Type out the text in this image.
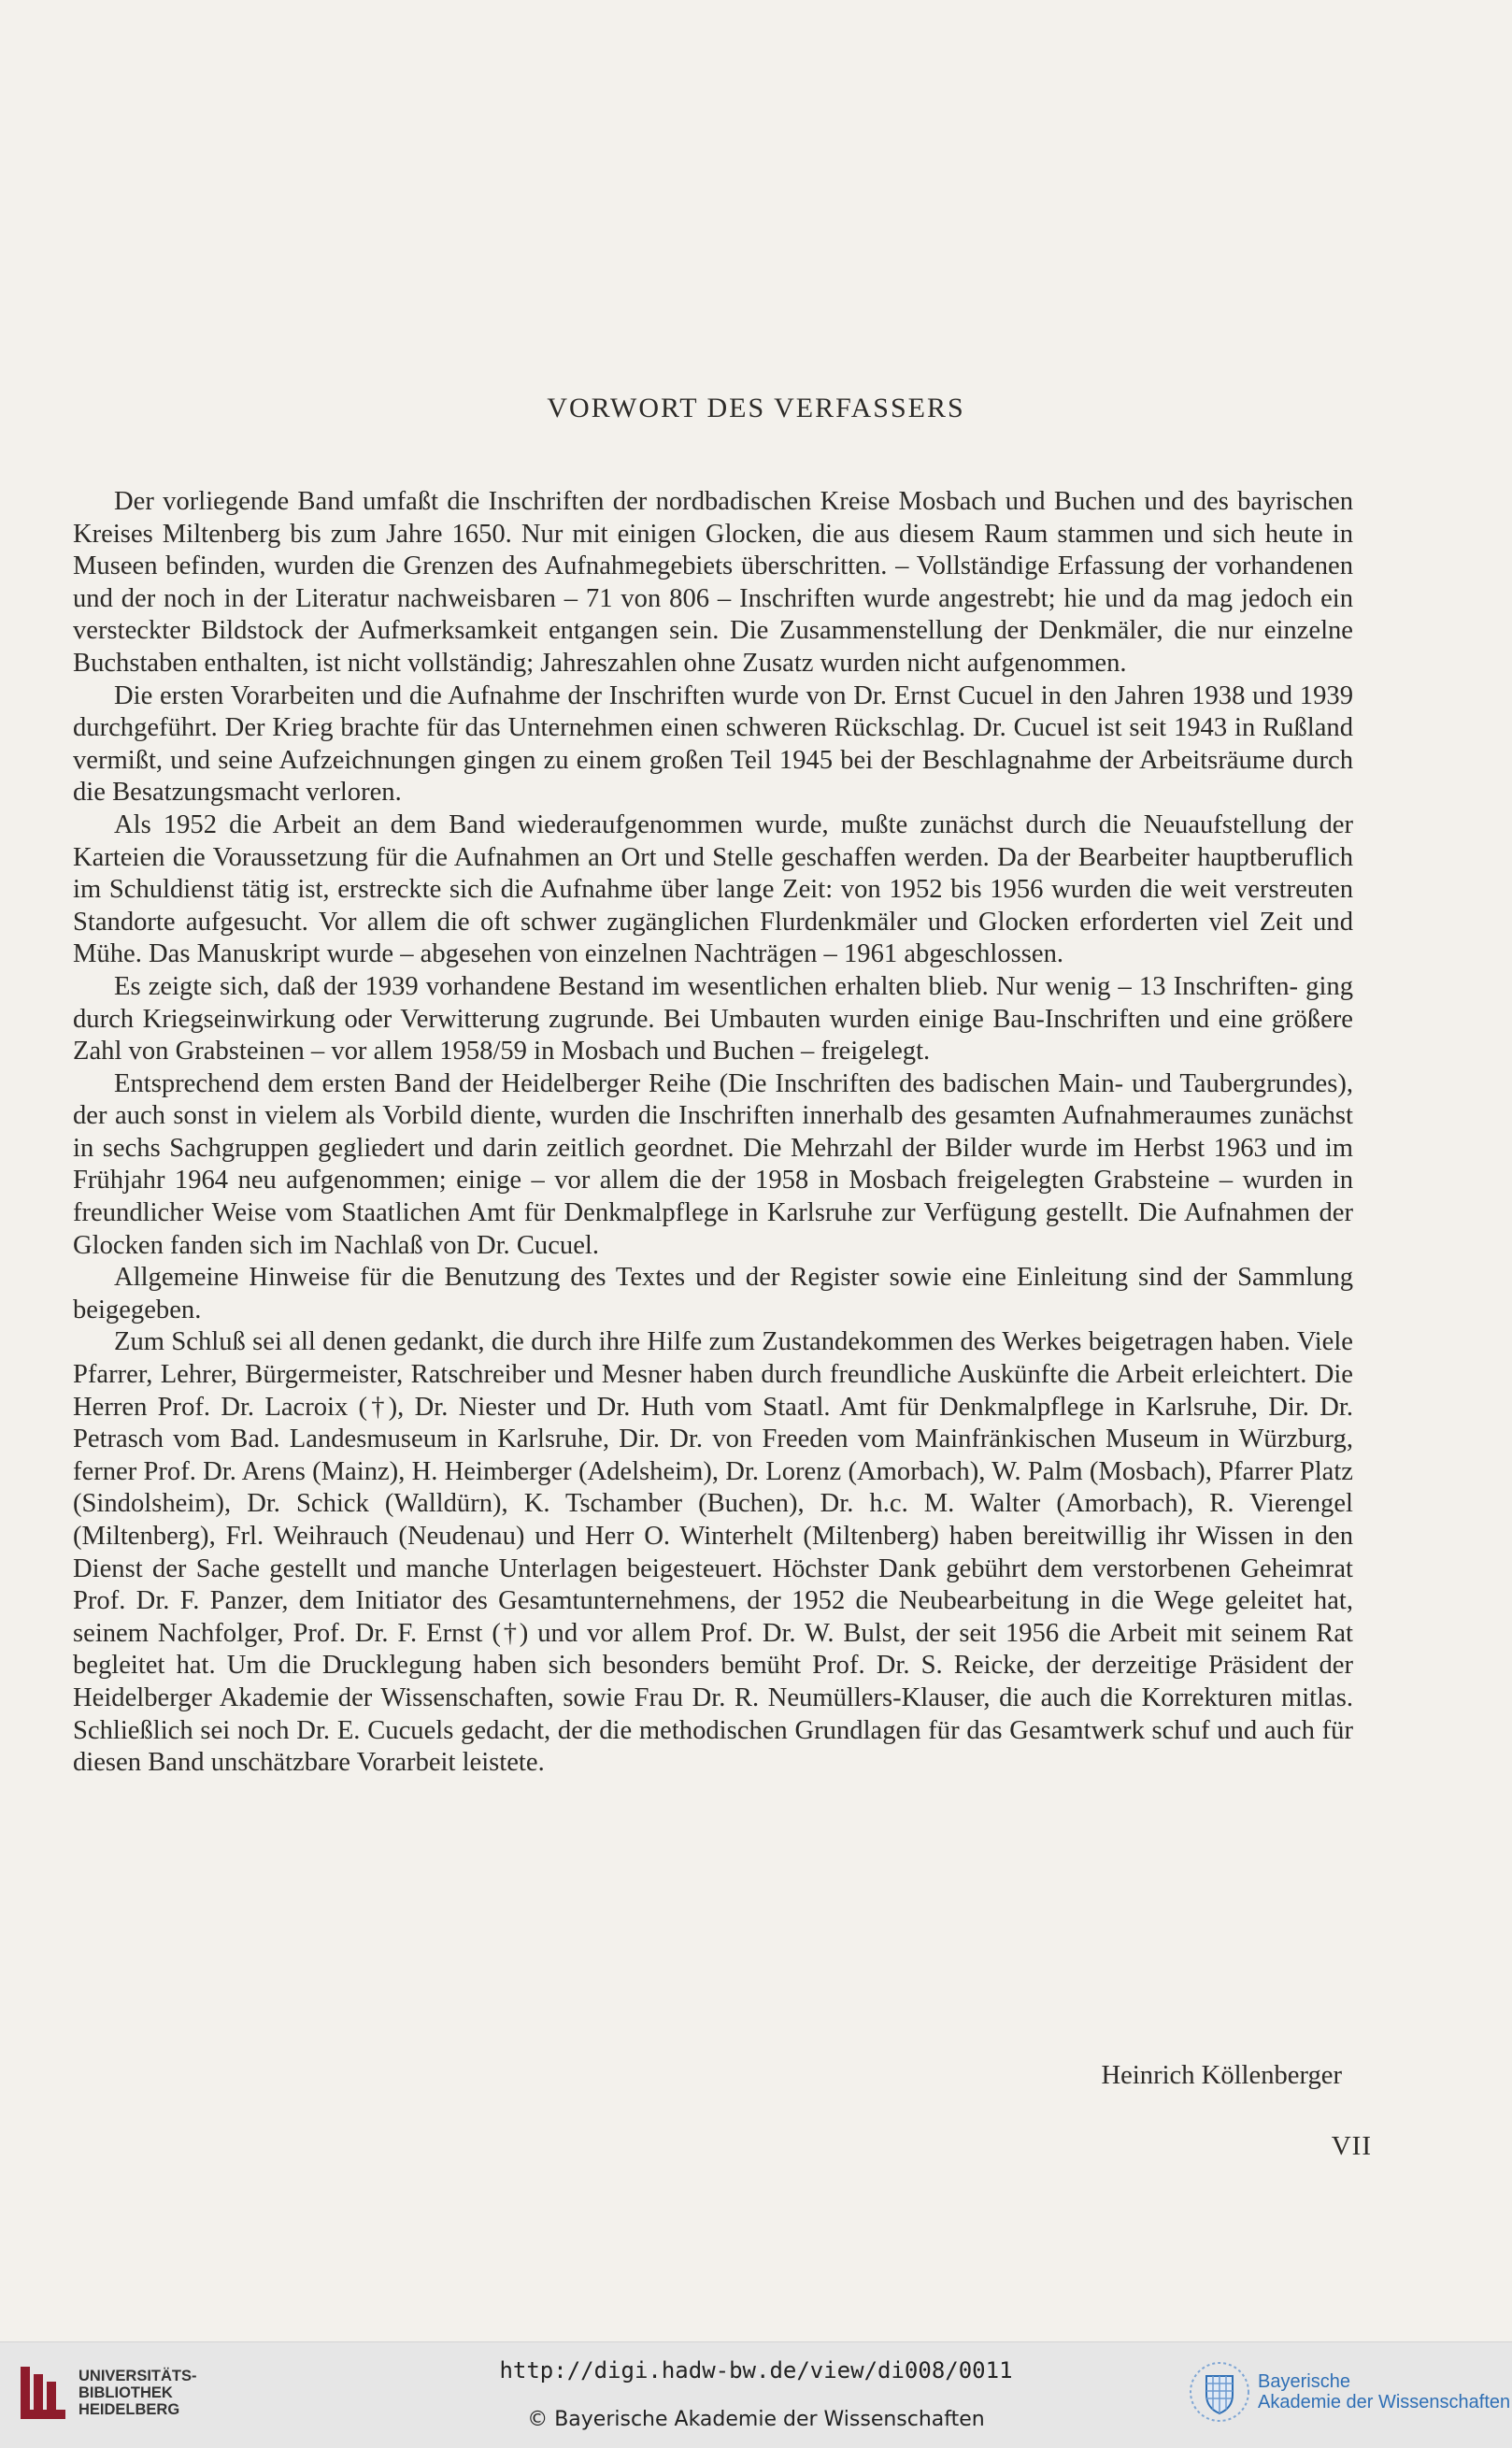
VORWORT DES VERFASSERS

Der vorliegende Band umfaßt die Inschriften der nordbadischen Kreise Mosbach und Buchen und des bayrischen Kreises Miltenberg bis zum Jahre 1650. Nur mit einigen Glocken, die aus diesem Raum stammen und sich heute in Museen befinden, wurden die Grenzen des Aufnahmegebiets überschritten. – Vollständige Erfassung der vorhandenen und der noch in der Literatur nachweisbaren – 71 von 806 – Inschriften wurde angestrebt; hie und da mag jedoch ein versteckter Bildstock der Aufmerksamkeit entgangen sein. Die Zusammenstellung der Denkmäler, die nur einzelne Buchstaben enthalten, ist nicht vollständig; Jahreszahlen ohne Zusatz wurden nicht aufgenommen.

Die ersten Vorarbeiten und die Aufnahme der Inschriften wurde von Dr. Ernst Cucuel in den Jahren 1938 und 1939 durchgeführt. Der Krieg brachte für das Unternehmen einen schweren Rückschlag. Dr. Cucuel ist seit 1943 in Rußland vermißt, und seine Aufzeichnungen gingen zu einem großen Teil 1945 bei der Beschlagnahme der Arbeitsräume durch die Besatzungsmacht verloren.

Als 1952 die Arbeit an dem Band wiederaufgenommen wurde, mußte zunächst durch die Neuaufstellung der Karteien die Voraussetzung für die Aufnahmen an Ort und Stelle geschaffen werden. Da der Bearbeiter hauptberuflich im Schuldienst tätig ist, erstreckte sich die Aufnahme über lange Zeit: von 1952 bis 1956 wurden die weit verstreuten Standorte aufgesucht. Vor allem die oft schwer zugänglichen Flurdenkmäler und Glocken erforderten viel Zeit und Mühe. Das Manuskript wurde – abgesehen von einzelnen Nachträgen – 1961 abgeschlossen.

Es zeigte sich, daß der 1939 vorhandene Bestand im wesentlichen erhalten blieb. Nur wenig – 13 Inschriften- ging durch Kriegseinwirkung oder Verwitterung zugrunde. Bei Umbauten wurden einige Bau-Inschriften und eine größere Zahl von Grabsteinen – vor allem 1958/59 in Mosbach und Buchen – freigelegt.

Entsprechend dem ersten Band der Heidelberger Reihe (Die Inschriften des badischen Main- und Taubergrundes), der auch sonst in vielem als Vorbild diente, wurden die Inschriften innerhalb des gesamten Aufnahmeraumes zunächst in sechs Sachgruppen gegliedert und darin zeitlich geordnet. Die Mehrzahl der Bilder wurde im Herbst 1963 und im Frühjahr 1964 neu aufgenommen; einige – vor allem die der 1958 in Mosbach freigelegten Grabsteine – wurden in freundlicher Weise vom Staatlichen Amt für Denkmalpflege in Karlsruhe zur Verfügung gestellt. Die Aufnahmen der Glocken fanden sich im Nachlaß von Dr. Cucuel.

Allgemeine Hinweise für die Benutzung des Textes und der Register sowie eine Einleitung sind der Sammlung beigegeben.

Zum Schluß sei all denen gedankt, die durch ihre Hilfe zum Zustandekommen des Werkes beigetragen haben. Viele Pfarrer, Lehrer, Bürgermeister, Ratschreiber und Mesner haben durch freundliche Auskünfte die Arbeit erleichtert. Die Herren Prof. Dr. Lacroix (†), Dr. Niester und Dr. Huth vom Staatl. Amt für Denkmalpflege in Karlsruhe, Dir. Dr. Petrasch vom Bad. Landesmuseum in Karlsruhe, Dir. Dr. von Freeden vom Mainfränkischen Museum in Würzburg, ferner Prof. Dr. Arens (Mainz), H. Heimberger (Adelsheim), Dr. Lorenz (Amorbach), W. Palm (Mosbach), Pfarrer Platz (Sindolsheim), Dr. Schick (Walldürn), K. Tschamber (Buchen), Dr. h.c. M. Walter (Amorbach), R. Vierengel (Miltenberg), Frl. Weihrauch (Neudenau) und Herr O. Winterhelt (Miltenberg) haben bereitwillig ihr Wissen in den Dienst der Sache gestellt und manche Unterlagen beigesteuert. Höchster Dank gebührt dem verstorbenen Geheimrat Prof. Dr. F. Panzer, dem Initiator des Gesamtunternehmens, der 1952 die Neubearbeitung in die Wege geleitet hat, seinem Nachfolger, Prof. Dr. F. Ernst (†) und vor allem Prof. Dr. W. Bulst, der seit 1956 die Arbeit mit seinem Rat begleitet hat. Um die Drucklegung haben sich besonders bemüht Prof. Dr. S. Reicke, der derzeitige Präsident der Heidelberger Akademie der Wissenschaften, sowie Frau Dr. R. Neumüllers-Klauser, die auch die Korrekturen mitlas. Schließlich sei noch Dr. E. Cucuels gedacht, der die methodischen Grundlagen für das Gesamtwerk schuf und auch für diesen Band unschätzbare Vorarbeit leistete.

Heinrich Köllenberger
VII
UNIVERSITÄTS-
BIBLIOTHEK
HEIDELBERG
http://digi.hadw-bw.de/view/di008/0011
© Bayerische Akademie der Wissenschaften
Bayerische
Akademie der Wissenschaften
